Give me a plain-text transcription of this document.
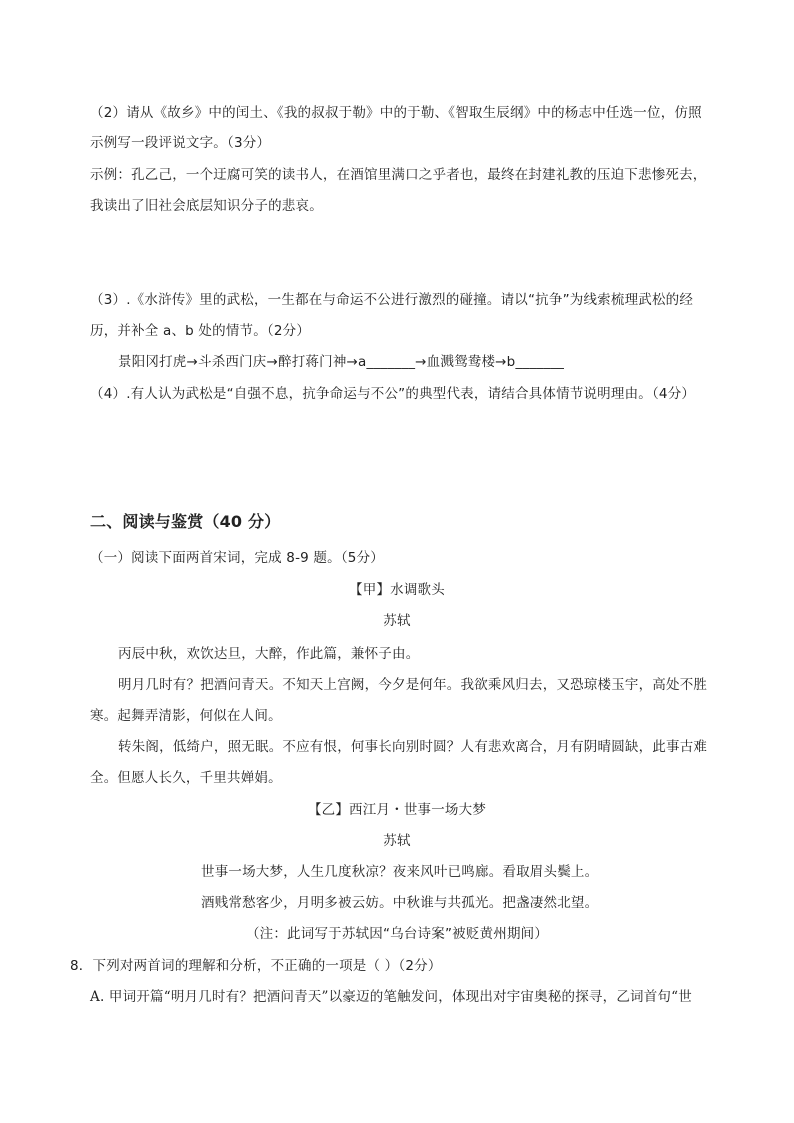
（2）请从《故乡》中的闰土、《我的叔叔于勒》中的于勒、《智取生辰纲》中的杨志中任选一位，仿照
示例写一段评说文字。（3分）
示例：孔乙己，一个迂腐可笑的读书人，在酒馆里满口之乎者也，最终在封建礼教的压迫下悲惨死去，
我读出了旧社会底层知识分子的悲哀。
（3）.《水浒传》里的武松，一生都在与命运不公进行激烈的碰撞。请以“抗争”为线索梳理武松的经
历，并补全 a、b 处的情节。（2分）
景阳冈打虎→斗杀西门庆→醉打蒋门神→a_______→血溅鸳鸯楼→b_______
（4）.有人认为武松是“自强不息，抗争命运与不公”的典型代表，请结合具体情节说明理由。（4分）
二、阅读与鉴赏（40 分）
（一）阅读下面两首宋词，完成 8-9 题。（5分）
【甲】水调歌头
苏轼
丙辰中秋，欢饮达旦，大醉，作此篇，兼怀子由。
明月几时有？把酒问青天。不知天上宫阙，今夕是何年。我欲乘风归去，又恐琼楼玉宇，高处不胜
寒。起舞弄清影，何似在人间。
转朱阁，低绮户，照无眠。不应有恨，何事长向别时圆？人有悲欢离合，月有阴晴圆缺，此事古难
全。但愿人长久，千里共婵娟。
【乙】西江月・世事一场大梦
苏轼
世事一场大梦，人生几度秋凉？夜来风叶已鸣廊。看取眉头鬓上。
酒贱常愁客少，月明多被云妨。中秋谁与共孤光。把盏凄然北望。
（注：此词写于苏轼因“乌台诗案”被贬黄州期间）
8．下列对两首词的理解和分析，不正确的一项是（ ）（2分）
A. 甲词开篇“明月几时有？把酒问青天”以豪迈的笔触发问，体现出对宇宙奥秘的探寻，乙词首句“世
